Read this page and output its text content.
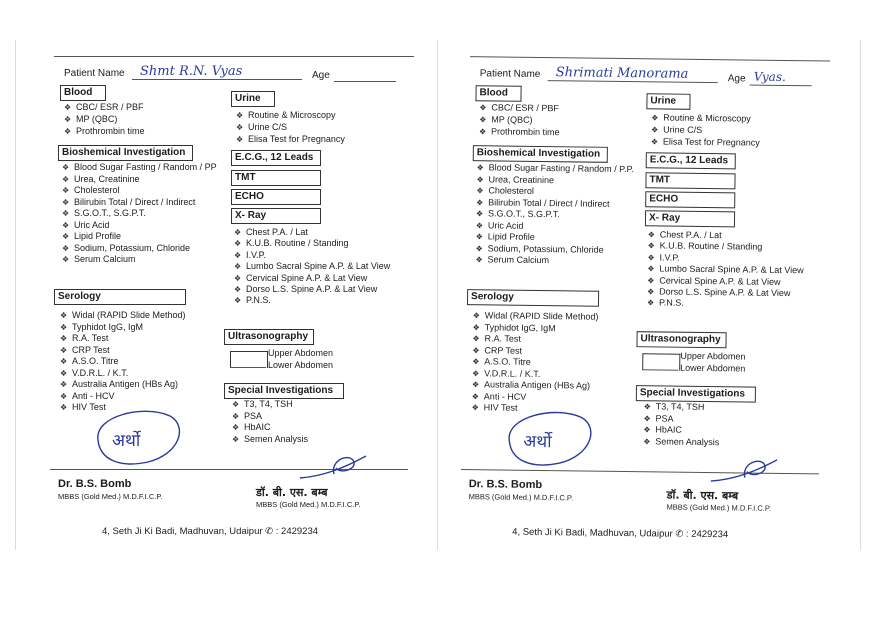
Patient Name Shmt R.N. Vyas	Age
Blood
Bioshemical Investigation
Serology
Urine
E.C.G., 12 Leads
TMT
ECHO
X- Ray
Ultrasonography
Upper Abdomen
Lower Abdomen
Special Investigations
Dr. B.S. Bomb
MBBS (Gold Med.) M.D.F.I.C.P.	डॉ. बी. एस. बम्ब
MBBS (Gold Med.) M.D.F.I.C.P.
4, Seth Ji Ki Badi, Madhuvan, Udaipur ✆ : 2429234
अर्थो
❖ CBC/ ESR / PBF
❖ MP (QBC)
❖ Prothrombin time
❖ Blood Sugar Fasting / Random / PP
❖ Urea, Creatinine
❖ Cholesterol
❖ Bilirubin Total / Direct / Indirect
❖ S.G.O.T., S.G.P.T.
❖ Uric Acid
❖ Lipid Profile
❖ Sodium, Potassium, Chloride
❖ Serum Calcium
❖ Widal (RAPID Slide Method)
❖ Typhidot IgG, IgM
❖ R.A. Test
❖ CRP Test
❖ A.S.O. Titre
❖ V.D.R.L. / K.T.
❖ Australia Antigen (HBs Ag)
❖ Anti - HCV
❖ HIV Test
❖ Routine & Microscopy
❖ Urine C/S
❖ Elisa Test for Pregnancy
❖ Chest P.A. / Lat
❖ K.U.B. Routine / Standing
❖ I.V.P.
❖ Lumbo Sacral Spine A.P. & Lat View
❖ Cervical Spine A.P. & Lat View
❖ Dorso L.S. Spine A.P. & Lat View
❖ P.N.S.
❖ T3, T4, TSH
❖ PSA
❖ HbAIC
❖ Semen Analysis
Patient Name Shrimati Manorama	Age Vyas.
Blood
Bioshemical Investigation
Serology
Urine
E.C.G., 12 Leads
TMT
ECHO
X- Ray
Ultrasonography
Upper Abdomen
Lower Abdomen
Special Investigations
Dr. B.S. Bomb
MBBS (Gold Med.) M.D.F.I.C.P.	डॉ. बी. एस. बम्ब
MBBS (Gold Med.) M.D.F.I.C.P.
4, Seth Ji Ki Badi, Madhuvan, Udaipur ✆ : 2429234
अर्थो
❖ CBC/ ESR / PBF
❖ MP (QBC)
❖ Prothrombin time
❖ Blood Sugar Fasting / Random / P.P.
❖ Urea, Creatinine
❖ Cholesterol
❖ Bilirubin Total / Direct / Indirect
❖ S.G.O.T., S.G.P.T.
❖ Uric Acid
❖ Lipid Profile
❖ Sodium, Potassium, Chloride
❖ Serum Calcium
❖ Widal (RAPID Slide Method)
❖ Typhidot IgG, IgM
❖ R.A. Test
❖ CRP Test
❖ A.S.O. Titre
❖ V.D.R.L. / K.T.
❖ Australia Antigen (HBs Ag)
❖ Anti - HCV
❖ HIV Test
❖ Routine & Microscopy
❖ Urine C/S
❖ Elisa Test for Pregnancy
❖ Chest P.A. / Lat
❖ K.U.B. Routine / Standing
❖ I.V.P.
❖ Lumbo Sacral Spine A.P. & Lat View
❖ Cervical Spine A.P. & Lat View
❖ Dorso L.S. Spine A.P. & Lat View
❖ P.N.S.
❖ T3, T4, TSH
❖ PSA
❖ HbAIC
❖ Semen Analysis
